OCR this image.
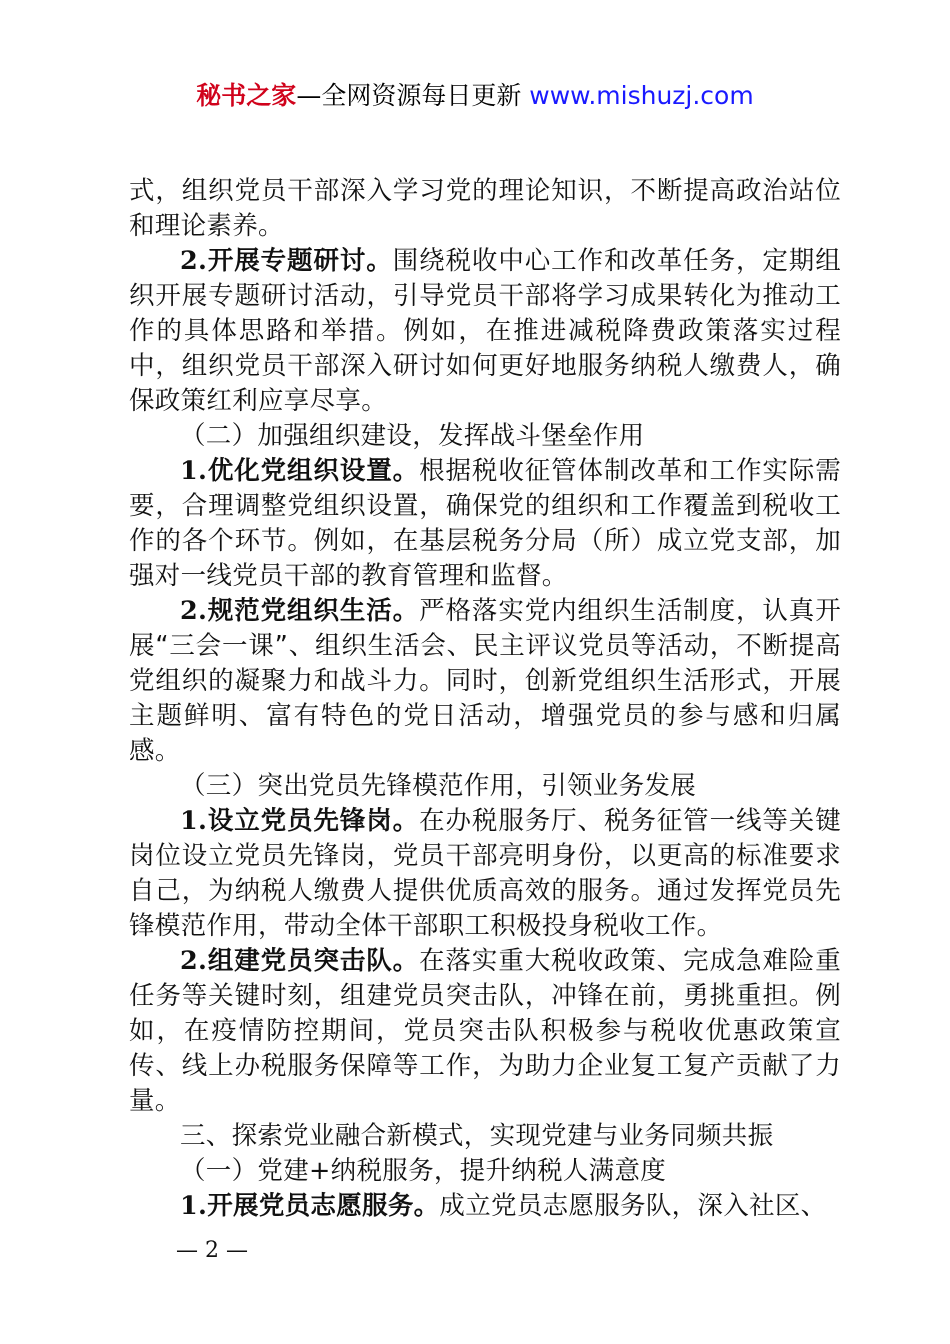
秘书之家—全网资源每日更新 www.mishuzj.com

式，组织党员干部深入学习党的理论知识，不断提高政治站位和理论素养。

2.开展专题研讨。围绕税收中心工作和改革任务，定期组织开展专题研讨活动，引导党员干部将学习成果转化为推动工作的具体思路和举措。例如，在推进减税降费政策落实过程中，组织党员干部深入研讨如何更好地服务纳税人缴费人，确保政策红利应享尽享。

（二）加强组织建设，发挥战斗堡垒作用

1.优化党组织设置。根据税收征管体制改革和工作实际需要，合理调整党组织设置，确保党的组织和工作覆盖到税收工作的各个环节。例如，在基层税务分局（所）成立党支部，加强对一线党员干部的教育管理和监督。

2.规范党组织生活。严格落实党内组织生活制度，认真开展“三会一课”、组织生活会、民主评议党员等活动，不断提高党组织的凝聚力和战斗力。同时，创新党组织生活形式，开展主题鲜明、富有特色的党日活动，增强党员的参与感和归属感。

（三）突出党员先锋模范作用，引领业务发展

1.设立党员先锋岗。在办税服务厅、税务征管一线等关键岗位设立党员先锋岗，党员干部亮明身份，以更高的标准要求自己，为纳税人缴费人提供优质高效的服务。通过发挥党员先锋模范作用，带动全体干部职工积极投身税收工作。

2.组建党员突击队。在落实重大税收政策、完成急难险重任务等关键时刻，组建党员突击队，冲锋在前，勇挑重担。例如，在疫情防控期间，党员突击队积极参与税收优惠政策宣传、线上办税服务保障等工作，为助力企业复工复产贡献了力量。

三、探索党业融合新模式，实现党建与业务同频共振

（一）党建+纳税服务，提升纳税人满意度

1.开展党员志愿服务。成立党员志愿服务队，深入社区、

— 2 —
